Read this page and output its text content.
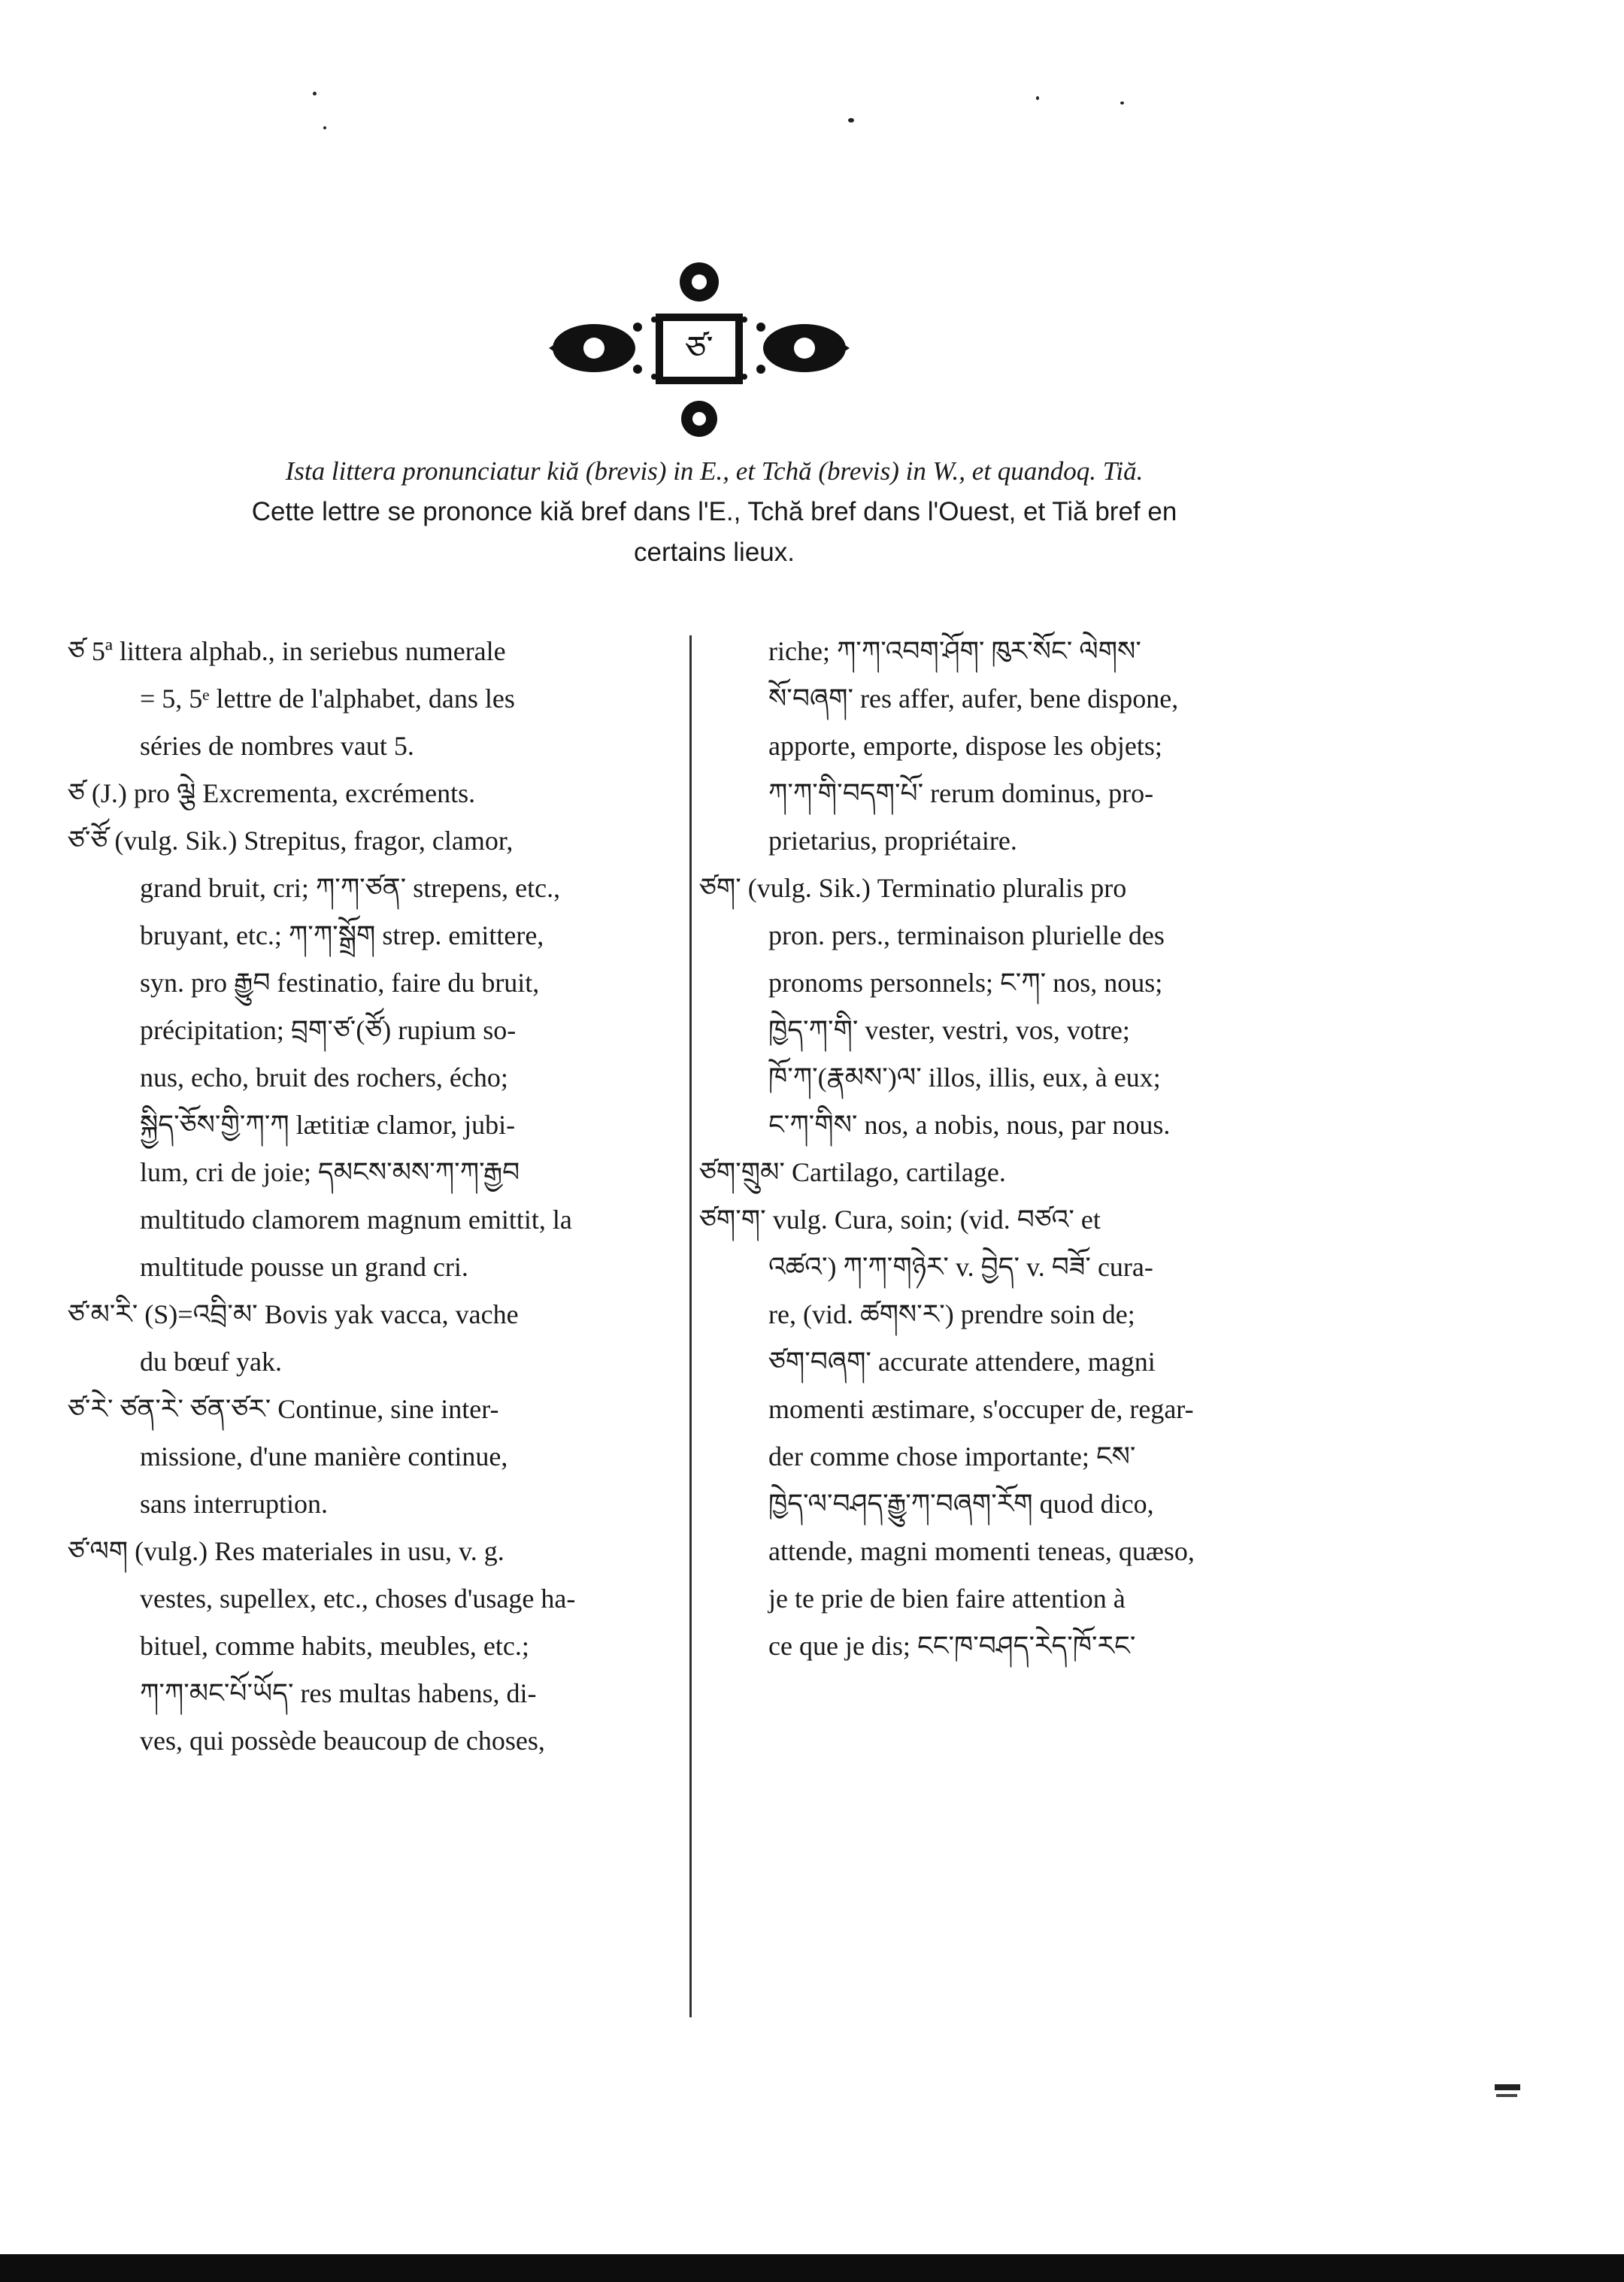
ཙ་
Ista littera pronunciatur kiă (brevis) in E., et Tchă (brevis) in W., et quandoq. Tiă.
Cette lettre se prononce kiă bref dans l'E., Tchă bref dans l'Ouest, et Tiă bref en
certains lieux.

ཙ 5ª littera alphab., in seriebus numerale

= 5, 5ᵉ lettre de l'alphabet, dans les

séries de nombres vaut 5.

ཙ (J.) pro ལྕེ Excrementa, excréments.

ཙ་ཙོ (vulg. Sik.) Strepitus, fragor, clamor,

grand bruit, cri; ཀ་ཀ་ཙན་ strepens, etc.,

bruyant, etc.; ཀ་ཀ་སྒྲོག strep. emittere,

syn. pro རྒྱུབ festinatio, faire du bruit,

précipitation; བྲག་ཙ་(ཙོ) rupium so-

nus, echo, bruit des rochers, écho;

སྐྱིད་ཅོས་གྱི་ཀ་ཀ lætitiæ clamor, jubi-

lum, cri de joie; དམངས་མས་ཀ་ཀ་རྒྱབ

multitudo clamorem magnum emittit, la

multitude pousse un grand cri.

ཙ་མ་རི་ (S)=འབྲི་མ་ Bovis yak vacca, vache

du bœuf yak.

ཙ་རེ་ ཙན་རེ་ ཙན་ཙར་ Continue, sine inter-

missione, d'une manière continue,

sans interruption.

ཙ་ལག (vulg.) Res materiales in usu, v. g.

vestes, supellex, etc., choses d'usage ha-

bituel, comme habits, meubles, etc.;

ཀ་ཀ་མང་པོ་ཡོད་ res multas habens, di-

ves, qui possède beaucoup de choses,

riche; ཀ་ཀ་འབག་ཤོག་ ཁུར་སོང་ ལེགས་

སོ་བཞག་ res affer, aufer, bene dispone,

apporte, emporte, dispose les objets;

ཀ་ཀ་གི་བདག་པོ་ rerum dominus, pro-

prietarius, propriétaire.

ཙག་ (vulg. Sik.) Terminatio pluralis pro

pron. pers., terminaison plurielle des

pronoms personnels; ང་ཀ་ nos, nous;

ཁྱེད་ཀ་གི་ vester, vestri, vos, votre;

ཁོ་ཀ་(རྣམས་)ལ་ illos, illis, eux, à eux;

ང་ཀ་གིས་ nos, a nobis, nous, par nous.

ཙག་གྲུམ་ Cartilago, cartilage.

ཙག་ག་ vulg. Cura, soin; (vid. བཙའ་ et

འཚའ་) ཀ་ཀ་གཉེར་ v. བྱེད་ v. བཟོ་ cura-

re, (vid. ཚགས་ར་) prendre soin de;

ཙག་བཞག་ accurate attendere, magni

momenti æstimare, s'occuper de, regar-

der comme chose importante; ངས་

ཁྱེད་ལ་བཤད་རྒྱུ་ཀ་བཞག་རོག quod dico,

attende, magni momenti teneas, quæso,

je te prie de bien faire attention à

ce que je dis; ངང་ཁ་བཤད་རེད་ཁོ་རང་
